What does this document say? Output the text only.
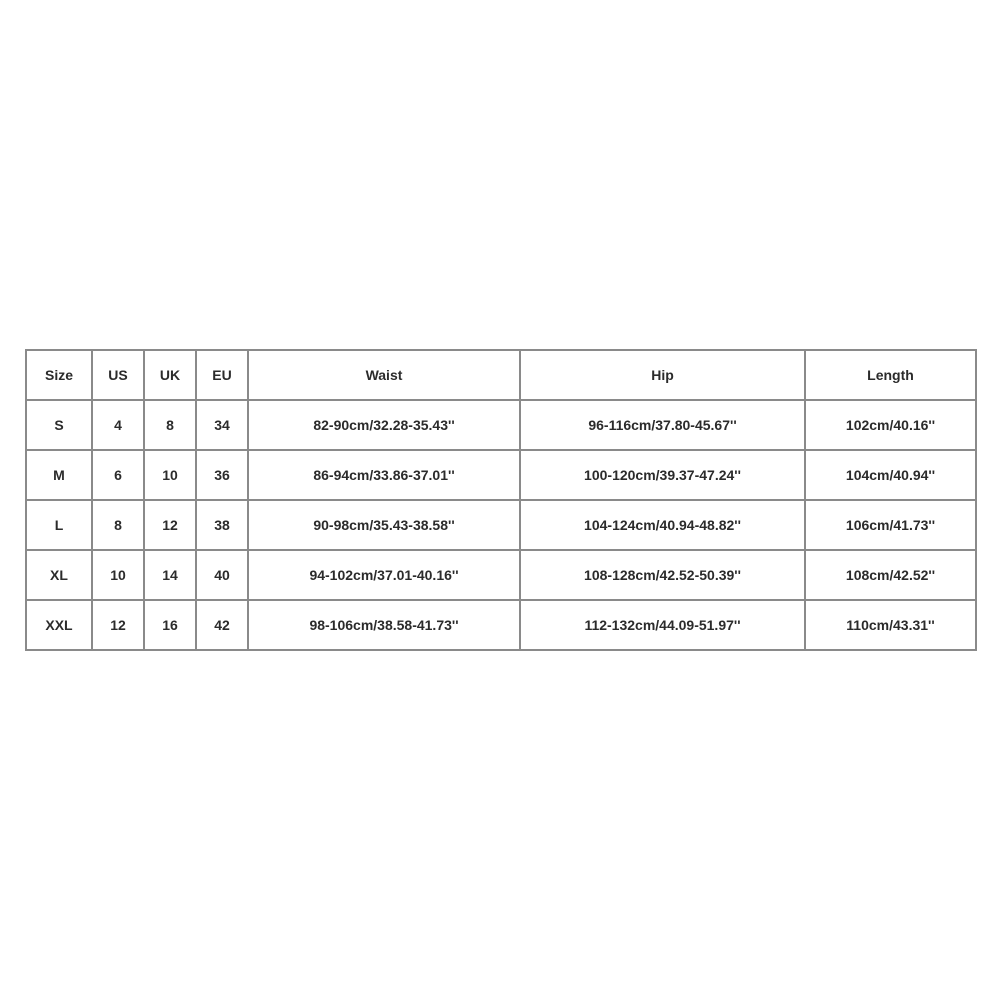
Size	US	UK	EU	Waist	Hip	Length
S	4	8	34	82-90cm/32.28-35.43''	96-116cm/37.80-45.67''	102cm/40.16''
M	6	10	36	86-94cm/33.86-37.01''	100-120cm/39.37-47.24''	104cm/40.94''
L	8	12	38	90-98cm/35.43-38.58''	104-124cm/40.94-48.82''	106cm/41.73''
XL	10	14	40	94-102cm/37.01-40.16''	108-128cm/42.52-50.39''	108cm/42.52''
XXL	12	16	42	98-106cm/38.58-41.73''	112-132cm/44.09-51.97''	110cm/43.31''
